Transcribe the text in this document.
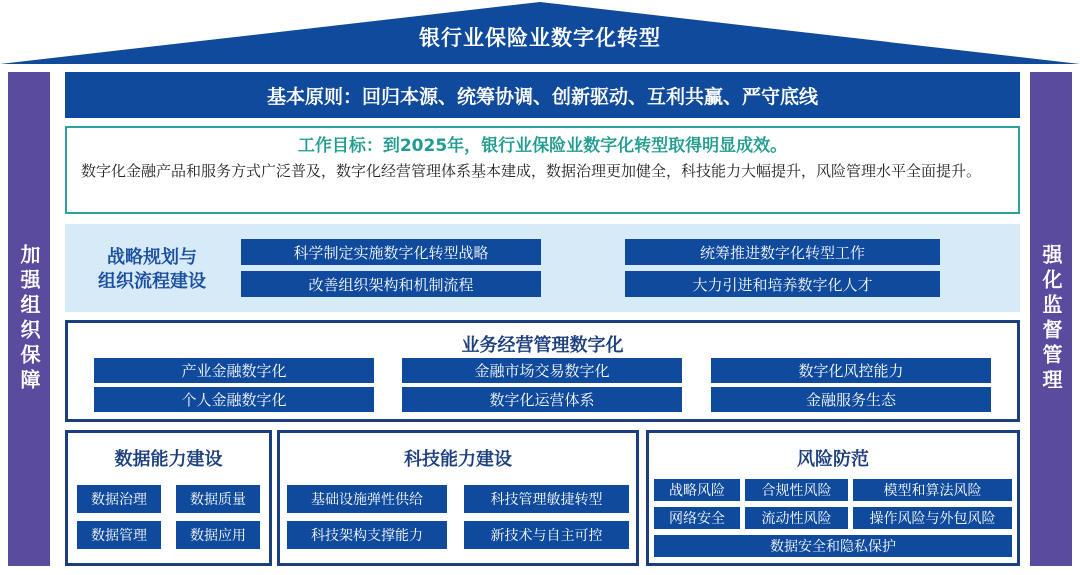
银行业保险业数字化转型
加强组织保障	强化监督管理
基本原则：回归本源、统筹协调、创新驱动、互利共赢、严守底线
工作目标：到2025年，银行业保险业数字化转型取得明显成效。
数字化金融产品和服务方式广泛普及，数字化经营管理体系基本建成，数据治理更加健全，科技能力大幅提升，风险管理水平全面提升。
战略规划与
组织流程建设
科学制定实施数字化转型战略	统筹推进数字化转型工作
改善组织架构和机制流程	大力引进和培养数字化人才
业务经营管理数字化
产业金融数字化	金融市场交易数字化	数字化风控能力
个人金融数字化	数字化运营体系	金融服务生态
数据能力建设
数据治理	数据质量
数据管理	数据应用
科技能力建设
基础设施弹性供给	科技管理敏捷转型
科技架构支撑能力	新技术与自主可控
风险防范
战略风险	合规性风险	模型和算法风险
网络安全	流动性风险	操作风险与外包风险
数据安全和隐私保护
